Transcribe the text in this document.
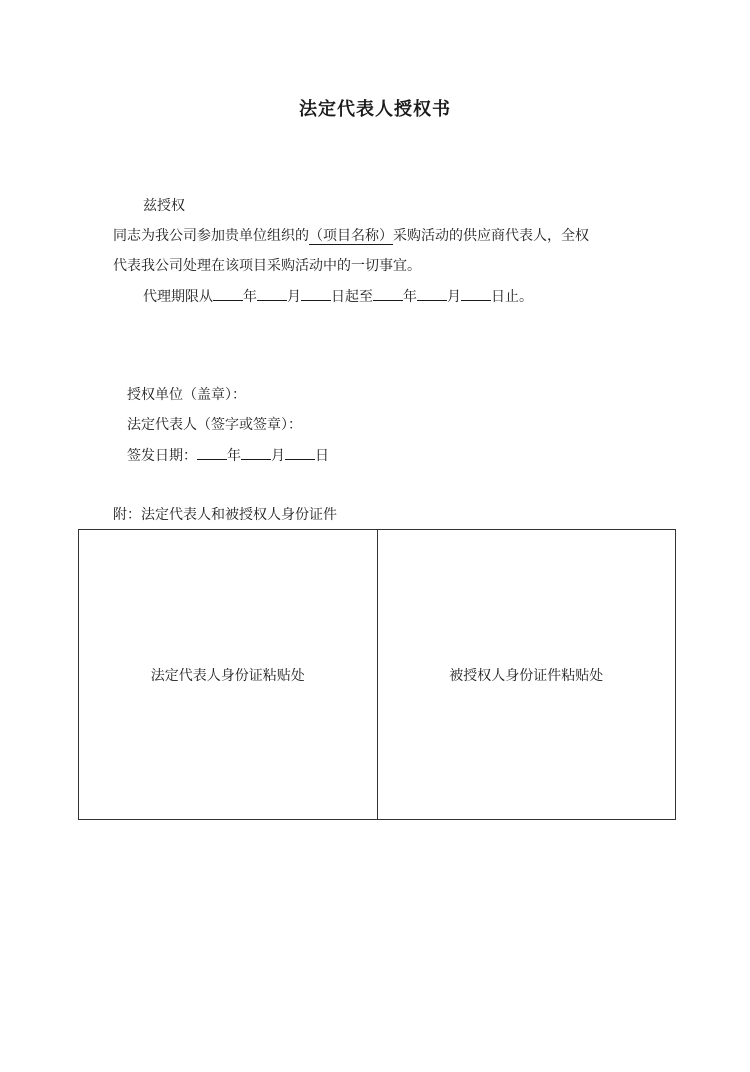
法定代表人授权书
兹授权
同志为我公司参加贵单位组织的（项目名称）采购活动的供应商代表人，全权
代表我公司处理在该项目采购活动中的一切事宜。
代理期限从 年 月 日起至 年 月 日止。
授权单位（盖章）：
法定代表人（签字或签章）：
签发日期： 年 月 日
附：法定代表人和被授权人身份证件
法定代表人身份证粘贴处	被授权人身份证件粘贴处
